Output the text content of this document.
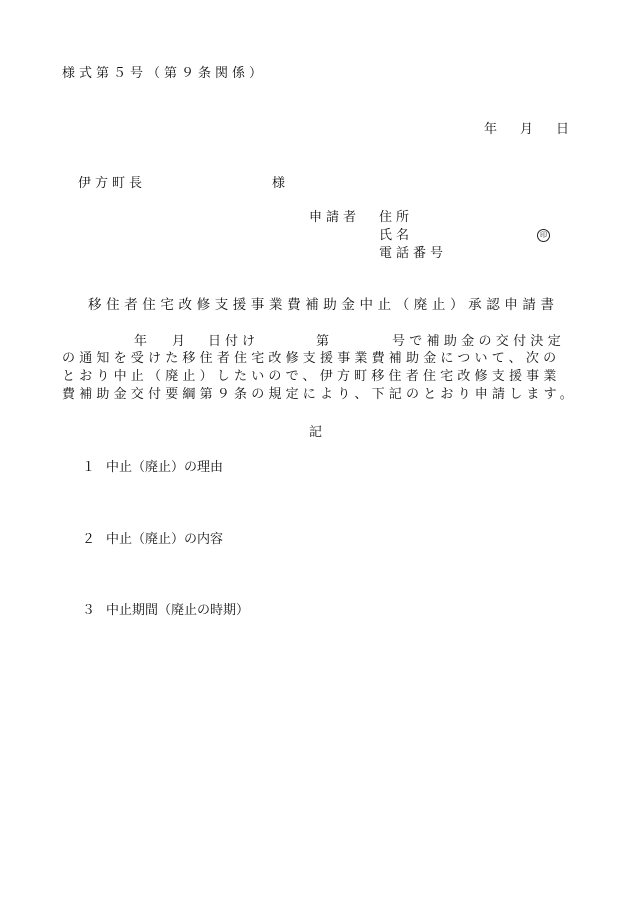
様式第５号（第９条関係）
年 月 日
伊方町長	様
申請者 住所
氏名	印
電話番号
移住者住宅改修支援事業費補助金中止（廃止）承認申請書
年 月 日付け	第	号で補助金の交付決定
の通知を受けた移住者住宅改修支援事業費補助金について、次の
とおり中止（廃止）したいので、伊方町移住者住宅改修支援事業
費補助金交付要綱第９条の規定により、下記のとおり申請します。
記
１ 中止（廃止）の理由
２ 中止（廃止）の内容
３ 中止期間（廃止の時期）
